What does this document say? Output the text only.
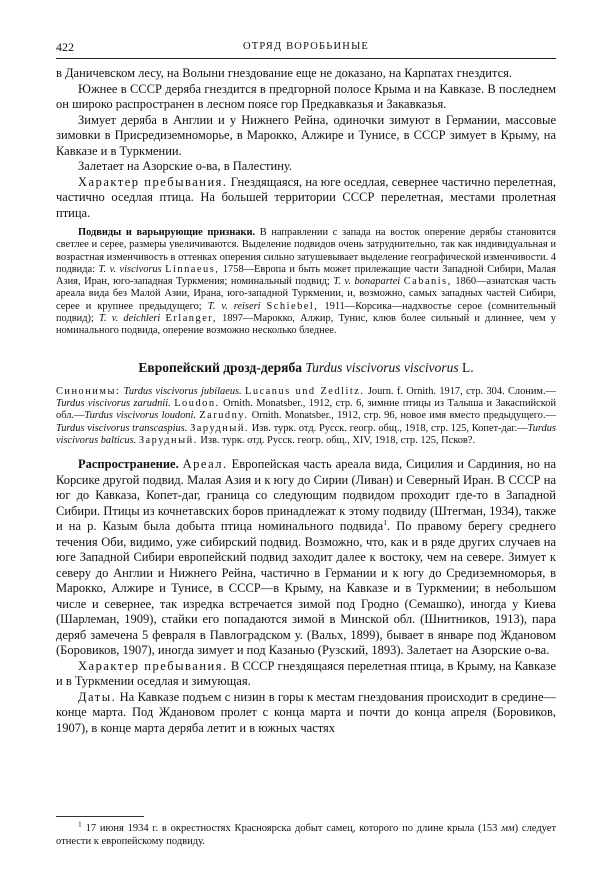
422	ОТРЯД ВОРОБЬИНЫЕ

в Даничевском лесу, на Волыни гнездование еще не доказано, на Карпатах гнездится.

Южнее в СССР деряба гнездится в предгорной полосе Крыма и на Кавказе. В последнем он широко распространен в лесном поясе гор Предкавказья и Закавказья.

Зимует деряба в Англии и у Нижнего Рейна, одиночки зимуют в Германии, массовые зимовки в Присредиземноморье, в Марокко, Алжире и Тунисе, в СССР зимует в Крыму, на Кавказе и в Туркмении.

Залетает на Азорские о-ва, в Палестину.

Характер пребывания. Гнездящаяся, на юге оседлая, севернее частично перелетная, частично оседлая птица. На большей территории СССР перелетная, местами пролетная птица.

Подвиды и варьирующие признаки. В направлении с запада на восток оперение дерябы становится светлее и серее, размеры увеличиваются. Выделение подвидов очень затруднительно, так как индивидуальная и возрастная изменчивость в оттенках оперения сильно затушевывает выделение географической изменчивости. 4 подвида: T. v. viscivorus Linnaeus, 1758—Европа и быть может прилежащие части Западной Сибири, Малая Азия, Иран, юго-западная Туркмения; номинальный подвид; T. v. bonapartei Cabanis, 1860—азиатская часть ареала вида без Малой Азии, Ирана, юго-западной Туркмении, и, возможно, самых западных частей Сибири, серее и крупнее предыдущего; T. v. reiseri Schiebel, 1911—Корсика—надхвостье серое (сомнительный подвид); T. v. deichleri Erlanger, 1897—Марокко, Алжир, Тунис, клюв более сильный и длиннее, чем у номинального подвида, оперение возможно несколько бледнее.

Европейский дрозд-деряба Turdus viscivorus viscivorus L.

Синонимы: Turdus viscivorus jubilaeus. Lucanus und Zedlitz. Journ. f. Ornith. 1917, стр. 304. Слоним.—Turdus viscivorus zarudnii. Loudon. Ornith. Monatsber., 1912, стр. 6, зимние птицы из Талыша и Закаспийской обл.—Turdus viscivorus loudoni. Zarudny. Ornith. Monatsber., 1912, стр. 96, новое имя вместо предыдущего.—Turdus viscivorus transcaspius. Зарудный. Изв. турк. отд. Русск. геогр. общ., 1918, стр. 125, Копет-даг.—Turdus viscivorus balticus. Зарудный. Изв. турк. отд. Русск. геогр. общ., XIV, 1918, стр. 125, Псков?.

Распространение. Ареал. Европейская часть ареала вида, Сицилия и Сардиния, но на Корсике другой подвид. Малая Азия и к югу до Сирии (Ливан) и Северный Иран. В СССР на юг до Кавказа, Копет-даг, граница со следующим подвидом проходит где-то в Западной Сибири. Птицы из кочнетавских боров принадлежат к этому подвиду (Штегман, 1934), также и на р. Казым была добыта птица номинального подвида$^1$. По правому берегу среднего течения Оби, видимо, уже сибирский подвид. Возможно, что, как и в ряде других случаев на юге Западной Сибири европейский подвид заходит далее к востоку, чем на севере. Зимует к северу до Англии и Нижнего Рейна, частично в Германии и к югу до Средиземноморья, в Марокко, Алжире и Тунисе, в СССР—в Крыму, на Кавказе и в Туркмении; в небольшом числе и севернее, так изредка встречается зимой под Гродно (Семашко), иногда у Киева (Шарлеман, 1909), стайки его попадаются зимой в Минской обл. (Шнитников, 1913), пара деряб замечена 5 февраля в Павлоградском у. (Вальх, 1899), бывает в январе под Ждановом (Боровиков, 1907), иногда зимует и под Казанью (Рузский, 1893). Залетает на Азорские о-ва.

Характер пребывания. В СССР гнездящаяся перелетная птица, в Крыму, на Кавказе и в Туркмении оседлая и зимующая.

Даты. На Кавказе подъем с низин в горы к местам гнездования происходит в средине—конце марта. Под Ждановом пролет с конца марта и почти до конца апреля (Боровиков, 1907), в конце марта деряба летит и в южных частях

$^1$ 17 июня 1934 г. в окрестностях Красноярска добыт самец, которого по длине крыла (153 мм) следует отнести к европейскому подвиду.
